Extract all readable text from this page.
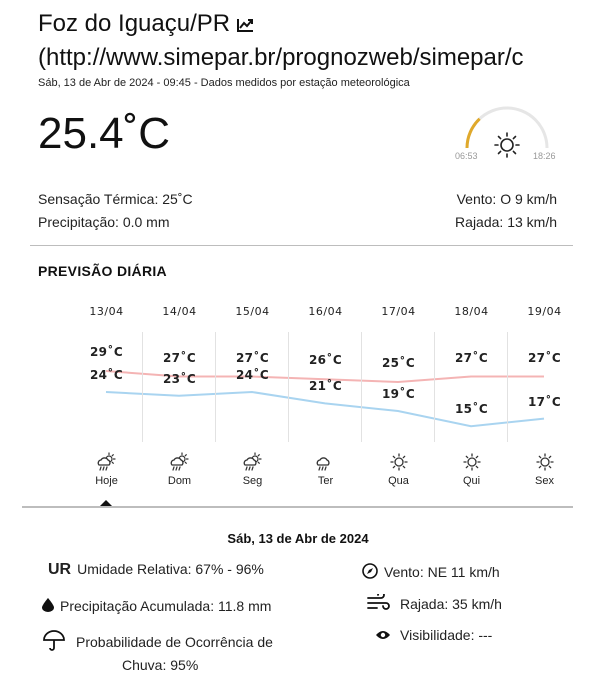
Foz do Iguaçu/PR
(http://www.simepar.br/prognozweb/simepar/c
Sáb, 13 de Abr de 2024 - 09:45 - Dados medidos por estação meteorológica
25.4˚C	06:53	18:26
Sensação Térmica: 25˚C
Precipitação: 0.0 mm
Vento: O 9 km/h
Rajada: 13 km/h
PREVISÃO DIÁRIA
13/04
29˚C
24˚C
Hoje
14/04
27˚C
23˚C
Dom
15/04
27˚C
24˚C
Seg
16/04
26˚C
21˚C
Ter
17/04
25˚C
19˚C
Qua
18/04
27˚C
15˚C
Qui
19/04
27˚C
17˚C
Sex
Sáb, 13 de Abr de 2024
UR Umidade Relativa: 67% - 96%
Precipitação Acumulada: 11.8 mm
Probabilidade de Ocorrência de
Chuva: 95%
Vento: NE 11 km/h
Rajada: 35 km/h
Visibilidade: ---
